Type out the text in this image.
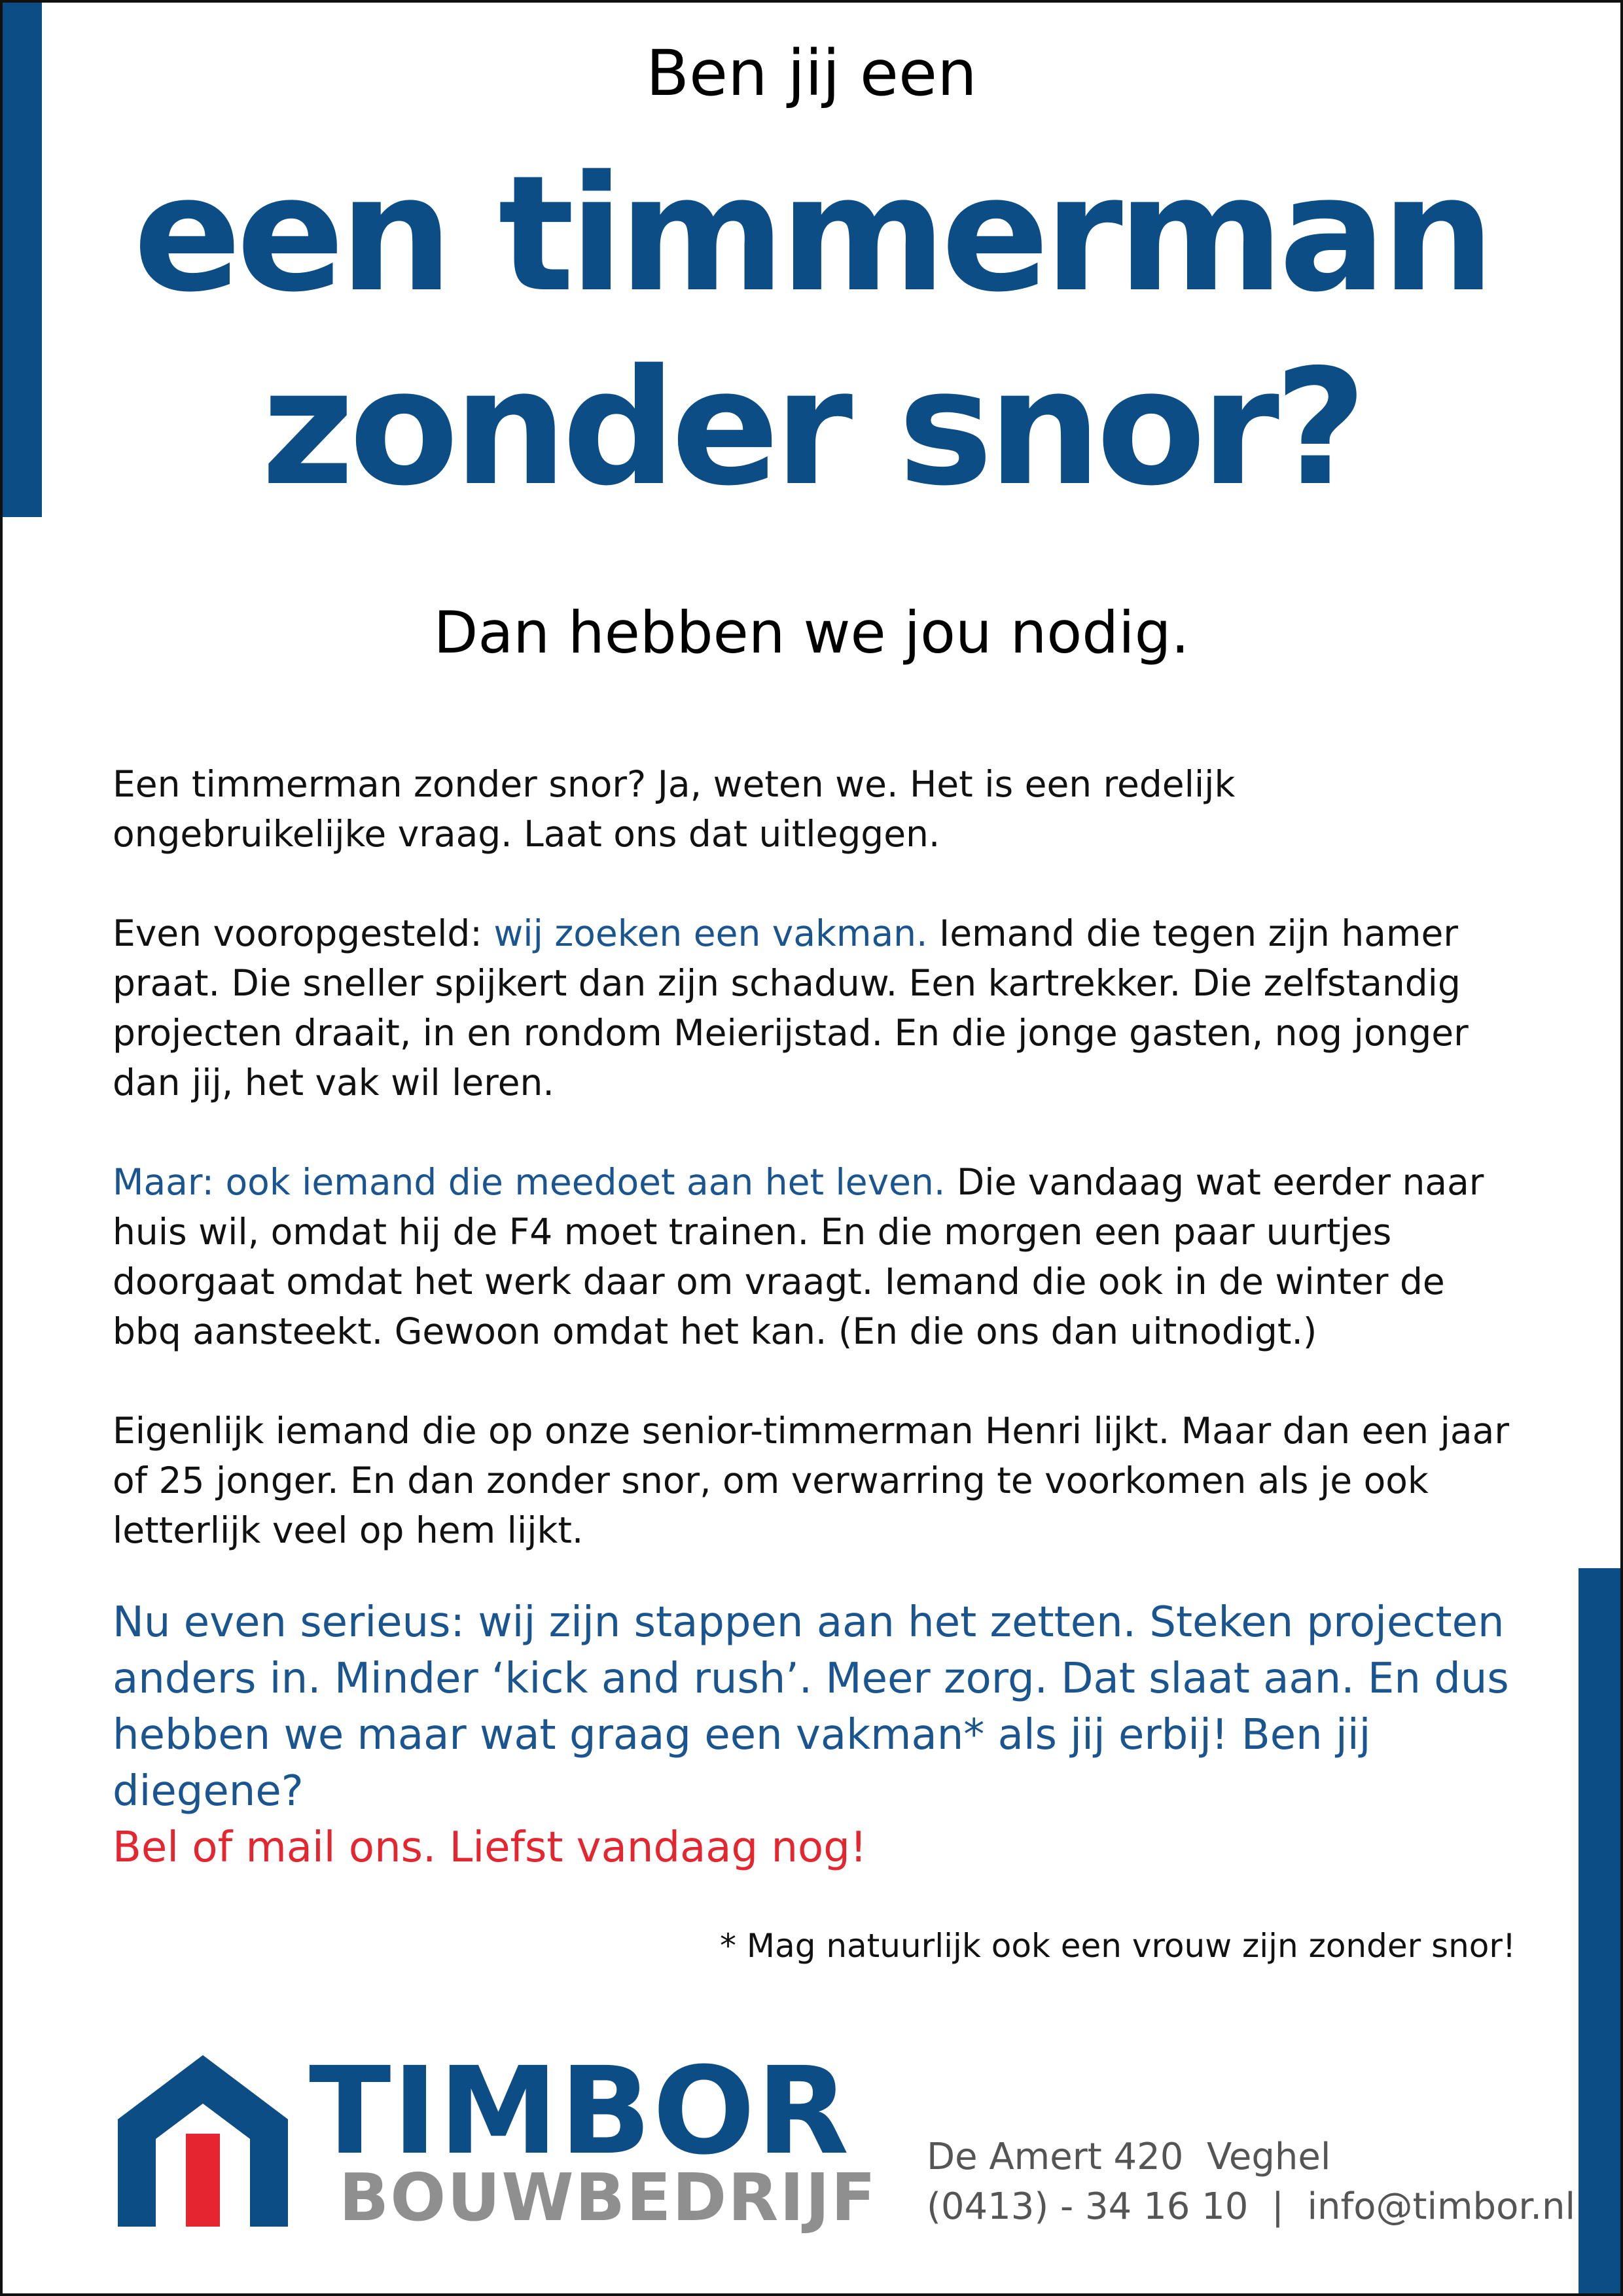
Ben jij een
een timmerman
zonder snor?
Dan hebben we jou nodig.

Een timmerman zonder snor? Ja, weten we. Het is een redelijk ongebruikelijke vraag. Laat ons dat uitleggen.

Even vooropgesteld: wij zoeken een vakman. Iemand die tegen zijn hamer praat. Die sneller spijkert dan zijn schaduw. Een kartrekker. Die zelfstandig projecten draait, in en rondom Meierijstad. En die jonge gasten, nog jonger dan jij, het vak wil leren.

Maar: ook iemand die meedoet aan het leven. Die vandaag wat eerder naar huis wil, omdat hij de F4 moet trainen. En die morgen een paar uurtjes doorgaat omdat het werk daar om vraagt. Iemand die ook in de winter de bbq aansteekt. Gewoon omdat het kan. (En die ons dan uitnodigt.)

Eigenlijk iemand die op onze senior-timmerman Henri lijkt. Maar dan een jaar of 25 jonger. En dan zonder snor, om verwarring te voorkomen als je ook letterlijk veel op hem lijkt.

Nu even serieus: wij zijn stappen aan het zetten. Steken projecten anders in. Minder ‘kick and rush’. Meer zorg. Dat slaat aan. En dus hebben we maar wat graag een vakman* als jij erbij! Ben jij diegene?
Bel of mail ons. Liefst vandaag nog!
* Mag natuurlijk ook een vrouw zijn zonder snor!
TIMBOR
BOUWBEDRIJF
De Amert 420  Veghel
(0413) - 34 16 10  |  info@timbor.nl
